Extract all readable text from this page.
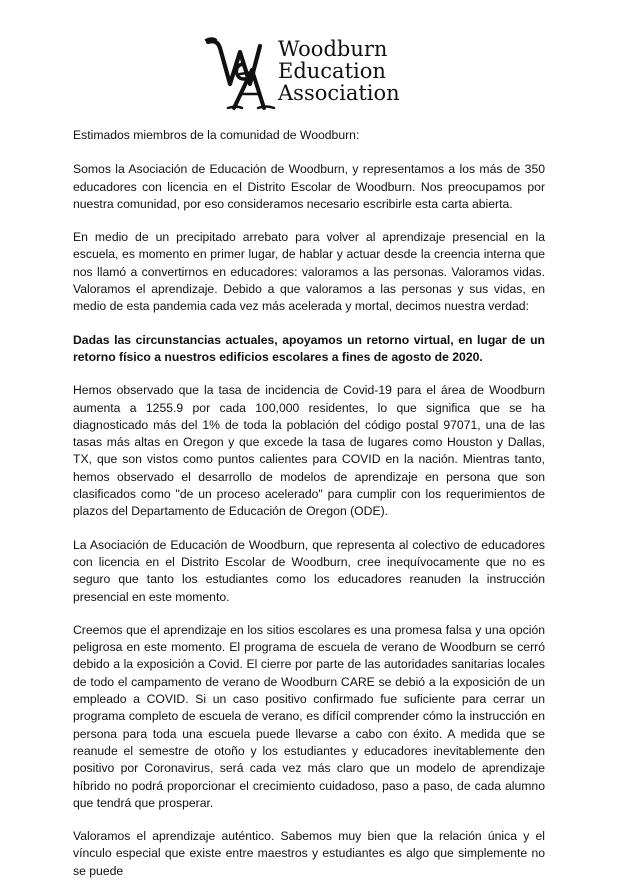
Woodburn
Education
Association

Estimados miembros de la comunidad de Woodburn:

Somos la Asociación de Educación de Woodburn, y representamos a los más de 350 educadores con licencia en el Distrito Escolar de Woodburn. Nos preocupamos por nuestra comunidad, por eso consideramos necesario escribirle esta carta abierta.

En medio de un precipitado arrebato para volver al aprendizaje presencial en la escuela, es momento en primer lugar, de hablar y actuar desde la creencia interna que nos llamó a convertirnos en educadores: valoramos a las personas. Valoramos vidas. Valoramos el aprendizaje. Debido a que valoramos a las personas y sus vidas, en medio de esta pandemia cada vez más acelerada y mortal, decimos nuestra verdad:

Dadas las circunstancias actuales, apoyamos un retorno virtual, en lugar de un retorno físico a nuestros edificios escolares a fines de agosto de 2020.

Hemos observado que la tasa de incidencia de Covid-19 para el área de Woodburn aumenta a 1255.9 por cada 100,000 residentes, lo que significa que se ha diagnosticado más del 1% de toda la población del código postal 97071, una de las tasas más altas en Oregon y que excede la tasa de lugares como Houston y Dallas, TX, que son vistos como puntos calientes para COVID en la nación. Mientras tanto, hemos observado el desarrollo de modelos de aprendizaje en persona que son clasificados como "de un proceso acelerado" para cumplir con los requerimientos de plazos del Departamento de Educación de Oregon (ODE).

La Asociación de Educación de Woodburn, que representa al colectivo de educadores con licencia en el Distrito Escolar de Woodburn, cree inequívocamente que no es seguro que tanto los estudiantes como los educadores reanuden la instrucción presencial en este momento.

Creemos que el aprendizaje en los sitios escolares es una promesa falsa y una opción peligrosa en este momento. El programa de escuela de verano de Woodburn se cerró debido a la exposición a Covid. El cierre por parte de las autoridades sanitarias locales de todo el campamento de verano de Woodburn CARE se debió a la exposición de un empleado a COVID. Si un caso positivo confirmado fue suficiente para cerrar un programa completo de escuela de verano, es difícil comprender cómo la instrucción en persona para toda una escuela puede llevarse a cabo con éxito. A medida que se reanude el semestre de otoño y los estudiantes y educadores inevitablemente den positivo por Coronavirus, será cada vez más claro que un modelo de aprendizaje híbrido no podrá proporcionar el crecimiento cuidadoso, paso a paso, de cada alumno que tendrá que prosperar.

Valoramos el aprendizaje auténtico. Sabemos muy bien que la relación única y el vínculo especial que existe entre maestros y estudiantes es algo que simplemente no se puede
